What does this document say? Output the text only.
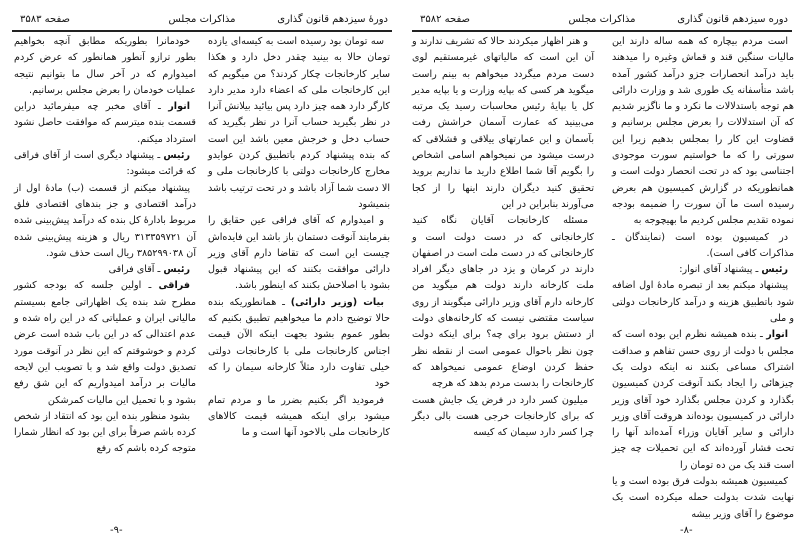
دورهٔ سیزدهم قانون گذاری
مذاکرات مجلس
صفحه ۳۵۸۳

سه تومان بود رسیده است به کیسه‌ای یازده تومان حالا به بینید چقدر دخل دارد و هکذا سایر کارخانجات چکار کردند؟ من میگویم که این کارخانجات ملی که اعضاء دارد مدیر دارد کارگر دارد همه چیز دارد پس بیائید بیلانش آنرا در نظر بگیرید حساب آنرا در نظر بگیرید که حساب دخل و خرجش معین باشد این است که بنده پیشنهاد کردم باتطبیق کردن عوایدو مخارج کارخانجات دولتی با کارخانجات ملی و الا دست شما آزاد باشد و در تحت ترتیب باشد بنمیشود

و امیدوارم که آقای فراقی عین حقایق را بفرمایند آنوقت دستمان باز باشد این فایده‌اش چیست این است که تقاضا دارم آقای وزیر دارائی موافقت بکنند که این پیشنهاد قبول بشود با اصلاحش بکنند که اینطور باشد.

بیات (وزیر دارائی) ـ همانطوریکه بنده حالا توضیح دادم ما میخواهیم تطبیق بکنیم که بطور عموم بشود بجهت اینکه الآن قیمت اجناس کارخانجات ملی با کارخانجات دولتی خیلی تفاوت دارد مثلاً کارخانه سیمان را که خود

فرمودید اگر بکنیم بضرر ما و مردم تمام میشود برای اینکه همیشه قیمت کالاهای کارخانجات ملی بالاخود آنها است و ما

خودمانرا بطوریکه مطابق آنچه بخواهیم بطور ترازو آنطور همانطور که عرض کردم امیدوارم که در آخر سال ما بتوانیم نتیجه عملیات خودمان را بعرض مجلس برسانیم.

انوار ـ آقای مخبر چه میفرمائید دراین قسمت بنده میترسم که موافقت حاصل نشود استرداد میکنم.

رئیس ـ پیشنهاد دیگری است از آقای فراقی که قرائت میشود:

پیشنهاد میکنم از قسمت (ب) مادهٔ اول از درآمد اقتصادی و جز بندهای اقتصادی فلق مربوط بادارهٔ کل بنده که درآمد پیش‌بینی شده آن ۳۱۳۳۵۹۷۲۱ ریال و هزینه پیش‌بینی شده آن ۳۸۵۲۹۹۰۳۸ ریال است حذف شود.

رئیس ـ آقای فراقی

فراقی ـ اولین جلسه که بودجه کشور مطرح شد بنده یک اظهاراتی جامع بسیستم مالیاتی ایران و عملیاتی که در این راه شده و عدم اعتدالی که در این باب شده است عرض کردم و خوشوقتم که این نظر در آنوقت مورد تصدیق دولت واقع شد و با تصویب این لایحه مالیات بر درآمد امیدواریم که این شق رفع بشود و با تحمیل این مالیات کمرشکن

بشود منظور بنده این بود که انتقاد از شخص کرده باشم صرفاً برای این بود که انظار شمارا متوجه کرده باشم که رفع

-۹-
دوره سیزدهم قانون گذاری
مذاکرات مجلس
صفحه ۳۵۸۲

است مردم بیچاره که همه ساله دارند این مالیات سنگین قند و قماش وغیره را میدهند باید درآمد انحصارات جزو درآمد کشور آمده باشد متأسفانه یک طوری شد و وزارت دارائی هم توجه باستدلالات ما نکرد و ما ناگزیر شدیم که آن استدلالات را بعرض مجلس برسانیم و قضاوت این کار را بمجلس بدهیم زیرا این سورتی را که ما خواستیم سورت موجودی اجتناسی بود که در تحت انحصار دولت است و همانطوریکه در گزارش کمیسیون هم بعرض رسیده است ما آن سورت را ضمیمه بودجه نموده تقدیم مجلس کردیم ما بهیچوجه به

در کمیسیون بوده است (نمایندگان ـ مذاکرات کافی است).

رئیس ـ پیشنهاد آقای انوار:

پیشنهاد میکنم بعد از تبصره مادهٔ اول اضافه شود باتطبیق هزینه و درآمد کارخانجات دولتی و ملی

انوار ـ بنده همیشه نظرم این بوده است که مجلس با دولت از روی حسن تفاهم و صداقت اشتراک مساعی بکنند نه اینکه دولت یک چیزهائی را ایجاد بکند آنوقت کردن کمیسیون بگذارد و کردن مجلس بگذارد خود آقای وزیر دارائی در کمیسیون بوده‌اند هروقت آقای وزیر دارائی و سایر آقایان وزراء آمده‌اند آنها را تحت فشار آورده‌اند که این تحمیلات چه چیز است قند یک من ده تومان را

کمیسیون همیشه بدولت فرق بوده است و یا نهایت شدت بدولت حمله میکرده است یک موضوع را آقای وزیر بیشه

و هنر اظهار میکردند حالا که تشریف ندارند و آن این است که مالیاتهای غیرمستقیم لوی دست مردم میگردد میخواهم به بینم راست میگوید هر کسی که بپایه وزارت و یا بپایه مدیر کل یا بپایهٔ رئیس محاسبات رسید یک مرتبه می‌بینید که عمارت آسمان خراشش رفت بآسمان و این عمارتهای ییلاقی و قشلاقی که درست میشود من نمیخواهم اسامی اشخاص را بگویم آقا شما اطلاع دارید ما نداریم بروید تحقیق کنید دیگران دارند اینها را از کجا می‌آورند بنابراین در این

مسئله کارخانجات آقایان نگاه کنید کارخانجاتی که در دست دولت است و کارخانجاتی که در دست ملت است در اصفهان دارند در کرمان و یزد در جاهای دیگر افراد ملت کارخانه دارند دولت هم میگوید من کارخانه دارم آقای وزیر دارائی میگویند از روی سیاست مقتضی نیست که کارخانه‌های دولت از دستش برود برای چه؟ برای اینکه دولت چون نظر باحوال عمومی است از نقطه نظر حفظ کردن اوضاع عمومی نمیخواهد که کارخانجات را بدست مردم بدهد که هرچه

میلیون کسر دارد در فرض یک جایش هست که برای کارخانجات خرجی هست بالی دیگر چرا کسر دارد سیمان که کیسه

-۸-
